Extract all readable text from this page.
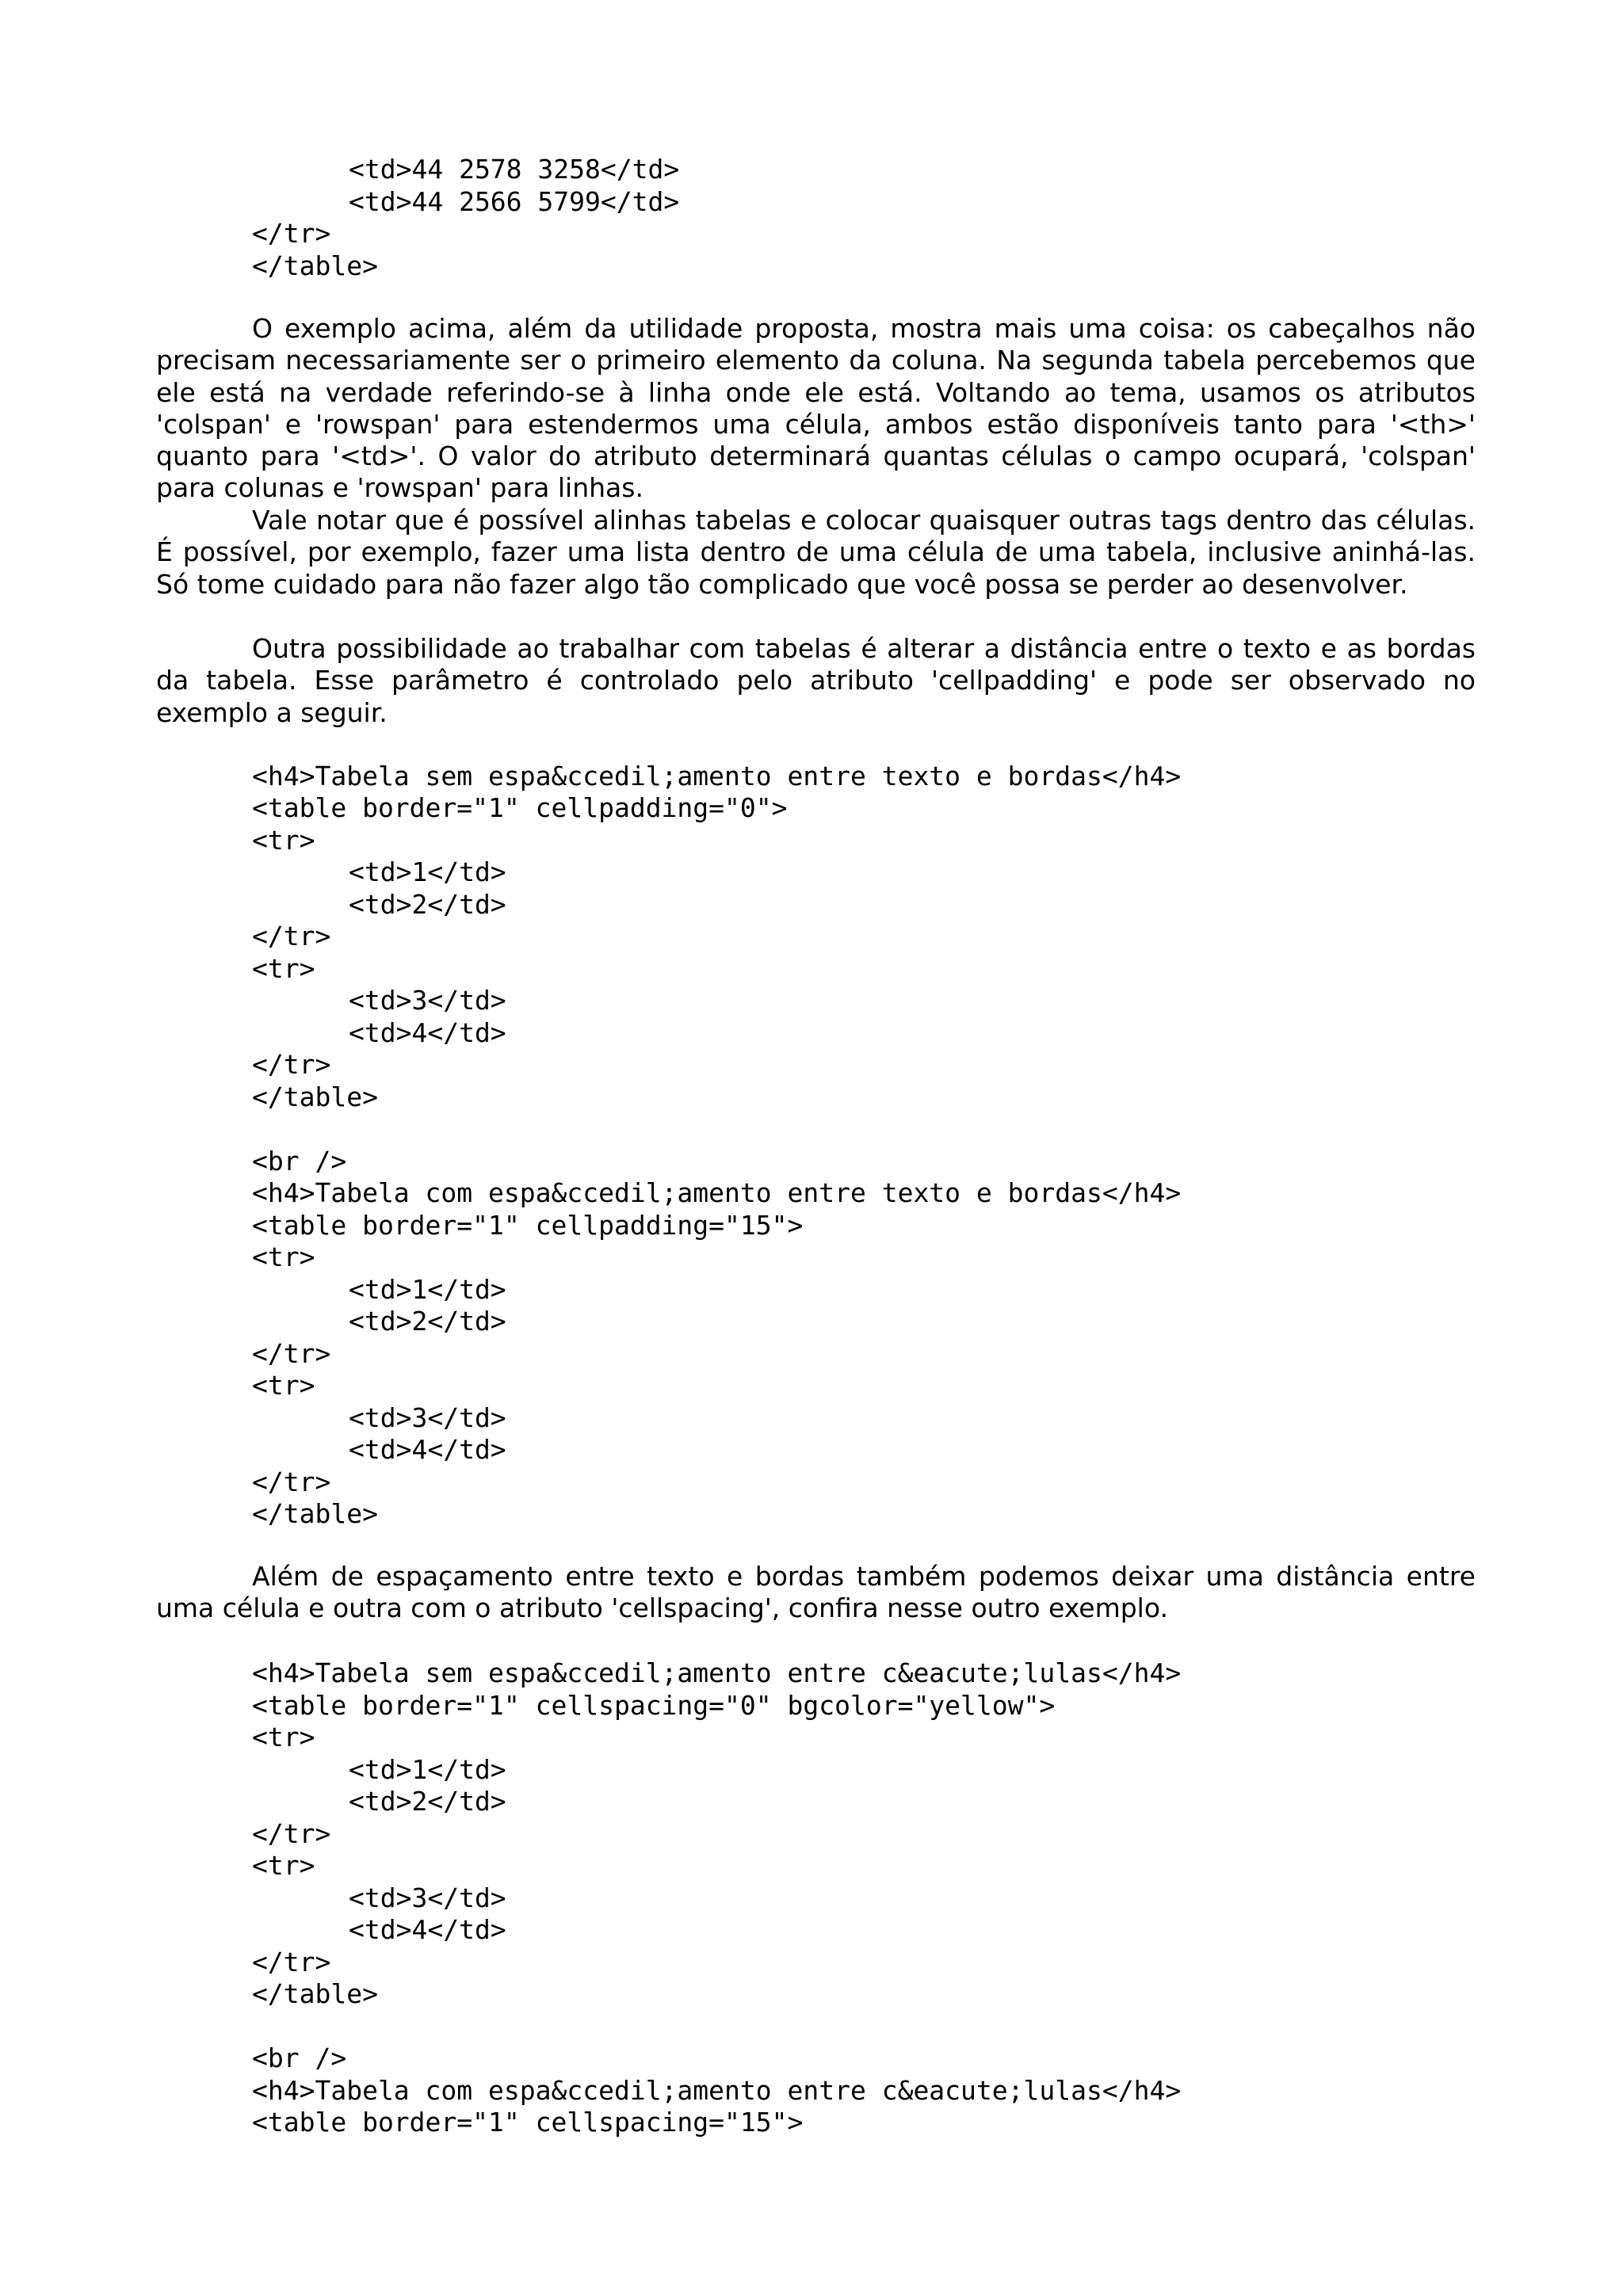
<td>44 2578 3258</td>
<td>44 2566 5799</td>
</tr>
</table>

O exemplo acima, além da utilidade proposta, mostra mais uma coisa: os cabeçalhos não precisam necessariamente ser o primeiro elemento da coluna. Na segunda tabela percebemos que ele está na verdade referindo-se à linha onde ele está. Voltando ao tema, usamos os atributos 'colspan' e 'rowspan' para estendermos uma célula, ambos estão disponíveis tanto para '<th>' quanto para '<td>'. O valor do atributo determinará quantas células o campo ocupará, 'colspan' para colunas e 'rowspan' para linhas.

Vale notar que é possível alinhas tabelas e colocar quaisquer outras tags dentro das células. É possível, por exemplo, fazer uma lista dentro de uma célula de uma tabela, inclusive aninhá-las. Só tome cuidado para não fazer algo tão complicado que você possa se perder ao desenvolver.

Outra possibilidade ao trabalhar com tabelas é alterar a distância entre o texto e as bordas da tabela. Esse parâmetro é controlado pelo atributo 'cellpadding' e pode ser observado no exemplo a seguir.

<h4>Tabela sem espa&ccedil;amento entre texto e bordas</h4>
<table border="1" cellpadding="0">
<tr>
<td>1</td>
<td>2</td>
</tr>
<tr>
<td>3</td>
<td>4</td>
</tr>
</table>
<br />
<h4>Tabela com espa&ccedil;amento entre texto e bordas</h4>
<table border="1" cellpadding="15">
<tr>
<td>1</td>
<td>2</td>
</tr>
<tr>
<td>3</td>
<td>4</td>
</tr>
</table>

Além de espaçamento entre texto e bordas também podemos deixar uma distância entre uma célula e outra com o atributo 'cellspacing', confira nesse outro exemplo.

<h4>Tabela sem espa&ccedil;amento entre c&eacute;lulas</h4>
<table border="1" cellspacing="0" bgcolor="yellow">
<tr>
<td>1</td>
<td>2</td>
</tr>
<tr>
<td>3</td>
<td>4</td>
</tr>
</table>
<br />
<h4>Tabela com espa&ccedil;amento entre c&eacute;lulas</h4>
<table border="1" cellspacing="15">
